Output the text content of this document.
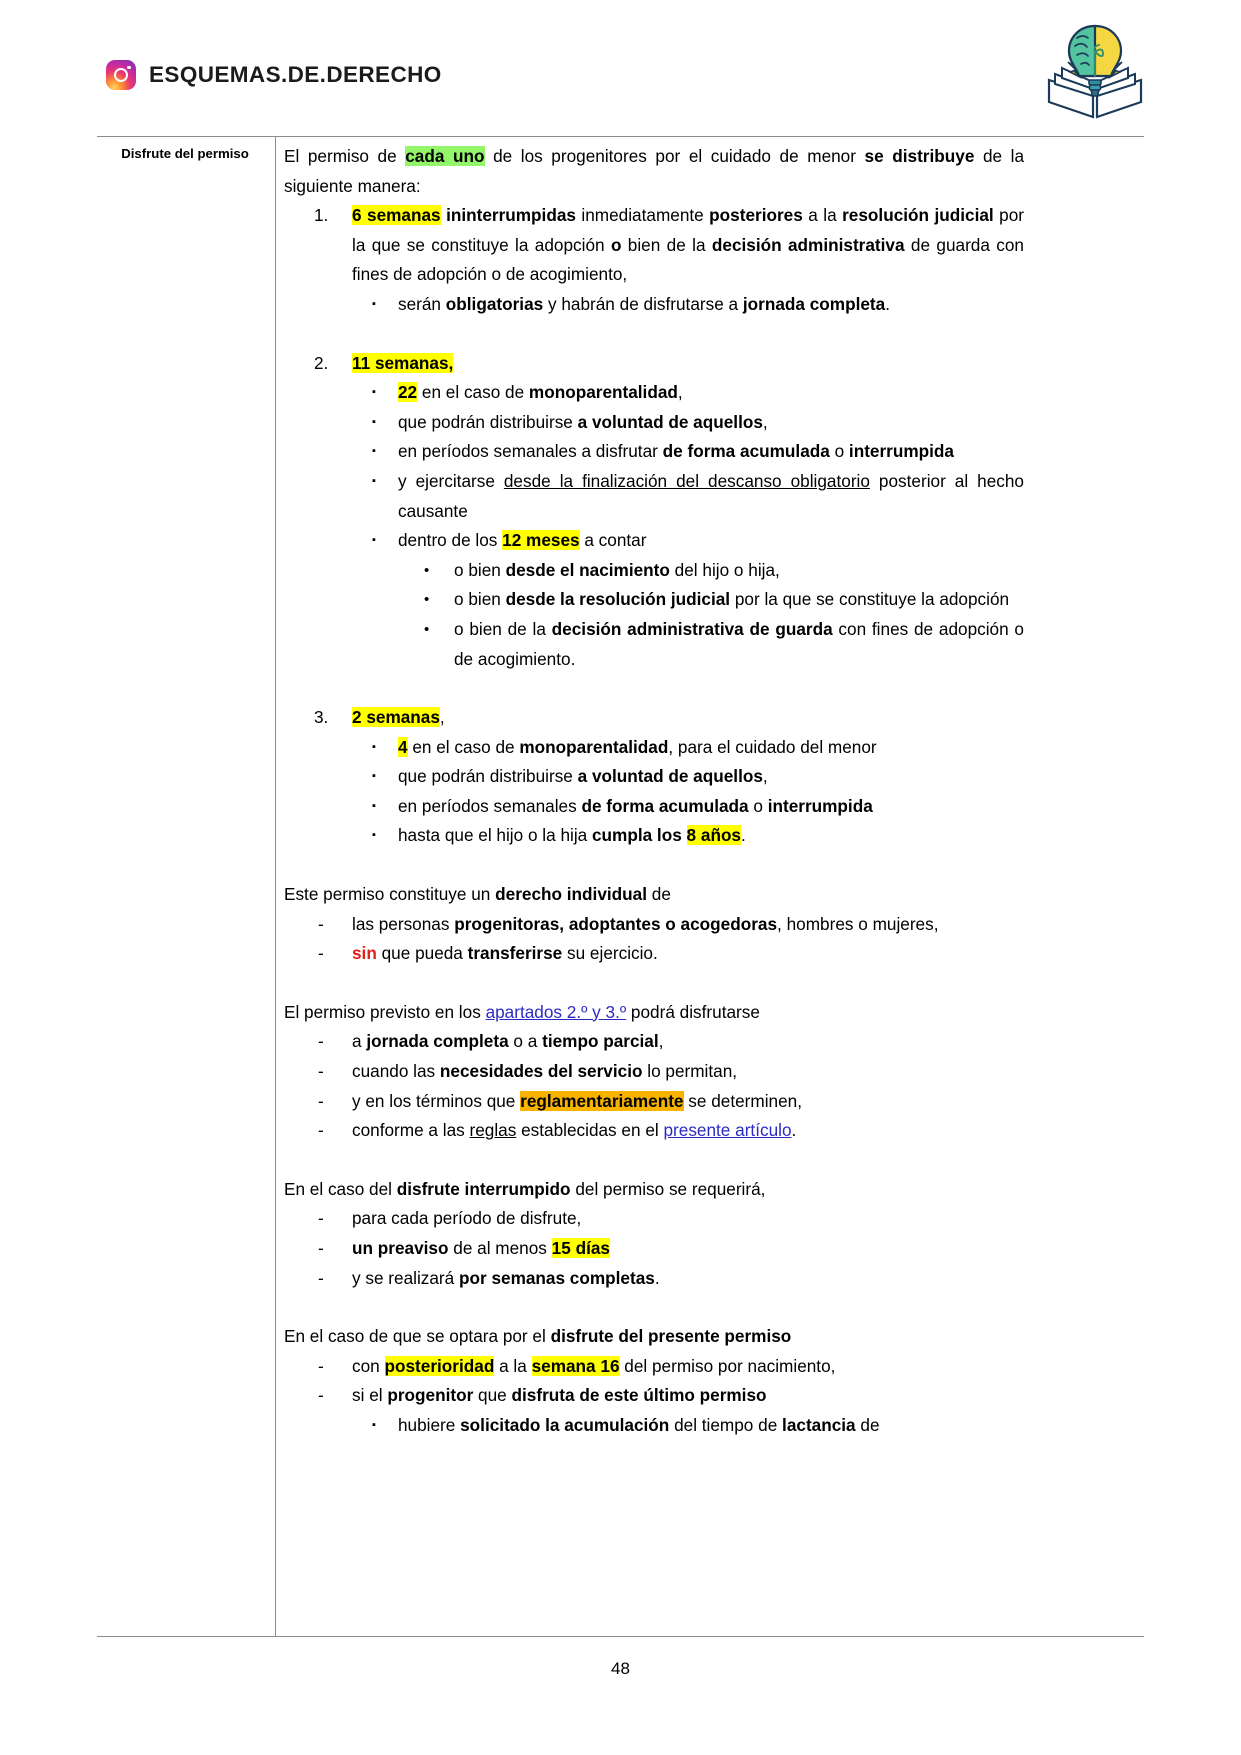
ESQUEMAS.DE.DERECHO
Disfrute del permiso	El permiso de cada uno de los progenitores por el cuidado de menor se distribuye de la siguiente manera:

1.	6 semanas ininterrumpidas inmediatamente posteriores a la resolución judicial por la que se constituye la adopción o bien de la decisión administrativa de guarda con fines de adopción o de acogimiento,
▪ serán obligatorias y habrán de disfrutarse a jornada completa.
2.	11 semanas,
▪ 22 en el caso de monoparentalidad,
▪ que podrán distribuirse a voluntad de aquellos,
▪ en períodos semanales a disfrutar de forma acumulada o interrumpida
▪ y ejercitarse desde la finalización del descanso obligatorio posterior al hecho causante
▪ dentro de los 12 meses a contar
• o bien desde el nacimiento del hijo o hija,
• o bien desde la resolución judicial por la que se constituye la adopción
• o bien de la decisión administrativa de guarda con fines de adopción o de acogimiento.
3.	2 semanas,
▪ 4 en el caso de monoparentalidad, para el cuidado del menor
▪ que podrán distribuirse a voluntad de aquellos,
▪ en períodos semanales de forma acumulada o interrumpida
▪ hasta que el hijo o la hija cumpla los 8 años.

Este permiso constituye un derecho individual de

- las personas progenitoras, adoptantes o acogedoras, hombres o mujeres,
- sin que pueda transferirse su ejercicio.

El permiso previsto en los apartados 2.º y 3.º podrá disfrutarse

- a jornada completa o a tiempo parcial,
- cuando las necesidades del servicio lo permitan,
- y en los términos que reglamentariamente se determinen,
- conforme a las reglas establecidas en el presente artículo.

En el caso del disfrute interrumpido del permiso se requerirá,

- para cada período de disfrute,
- un preaviso de al menos 15 días
- y se realizará por semanas completas.

En el caso de que se optara por el disfrute del presente permiso

- con posterioridad a la semana 16 del permiso por nacimiento,
- si el progenitor que disfruta de este último permiso
▪ hubiere solicitado la acumulación del tiempo de lactancia de
48
